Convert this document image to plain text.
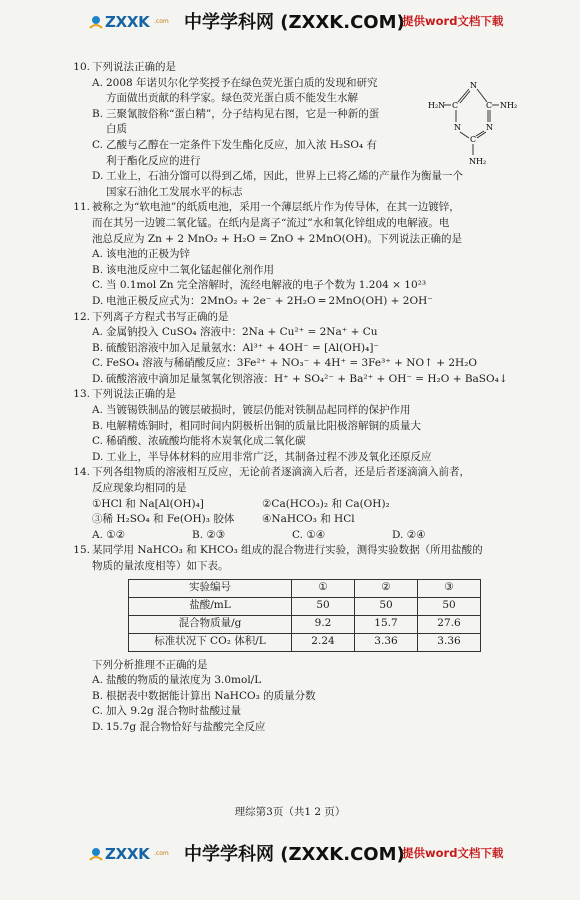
ZXXK .com 中学学科网 (ZXXK.COM)
提供word文档下载
10. 下列说法正确的是
A. 2008 年诺贝尔化学奖授予在绿色荧光蛋白质的发现和研究
方面做出贡献的科学家。绿色荧光蛋白质不能发生水解
B. 三聚氰胺俗称“蛋白精”，分子结构见右图，它是一种新的蛋
白质
C. 乙酸与乙醇在一定条件下发生酯化反应，加入浓 H₂SO₄ 有
利于酯化反应的进行
D. 工业上，石油分馏可以得到乙烯，因此，世界上已将乙烯的产量作为衡量一个
国家石油化工发展水平的标志
H₂N	NH₂
NH₂
N
C	C
N	N
C
11. 被称之为“软电池”的纸质电池，采用一个薄层纸片作为传导体，在其一边镀锌，
而在其另一边镀二氧化锰。在纸内是离子“流过”水和氧化锌组成的电解液。电
池总反应为 Zn + 2 MnO₂ + H₂O = ZnO + 2MnO(OH)。下列说法正确的是
A. 该电池的正极为锌
B. 该电池反应中二氧化锰起催化剂作用
C. 当 0.1mol Zn 完全溶解时，流经电解液的电子个数为 1.204 × 10²³
D. 电池正极反应式为：2MnO₂ + 2e⁻ + 2H₂O ═ 2MnO(OH) + 2OH⁻
12. 下列离子方程式书写正确的是
A. 金属钠投入 CuSO₄ 溶液中：2Na + Cu²⁺ = 2Na⁺ + Cu
B. 硫酸铝溶液中加入足量氨水：Al³⁺ + 4OH⁻ = [Al(OH)₄]⁻
C. FeSO₄ 溶液与稀硝酸反应：3Fe²⁺ + NO₃⁻ + 4H⁺ = 3Fe³⁺ + NO↑ + 2H₂O
D. 硫酸溶液中滴加足量氢氧化钡溶液：H⁺ + SO₄²⁻ + Ba²⁺ + OH⁻ = H₂O + BaSO₄↓
13. 下列说法正确的是
A. 当镀锡铁制品的镀层破损时，镀层仍能对铁制品起同样的保护作用
B. 电解精炼铜时，相同时间内阴极析出铜的质量比阳极溶解铜的质量大
C. 稀硝酸、浓硫酸均能将木炭氧化成二氧化碳
D. 工业上，半导体材料的应用非常广泛，其制备过程不涉及氧化还原反应
14. 下列各组物质的溶液相互反应，无论前者逐滴滴入后者，还是后者逐滴滴入前者，
反应现象均相同的是
①HCl 和 Na[Al(OH)₄]	②Ca(HCO₃)₂ 和 Ca(OH)₂
③稀 H₂SO₄ 和 Fe(OH)₃ 胶体	④NaHCO₃ 和 HCl
A. ①②	B. ②③	C. ①④	D. ②④
15. 某同学用 NaHCO₃ 和 KHCO₃ 组成的混合物进行实验，测得实验数据（所用盐酸的
物质的量浓度相等）如下表。
实验编号	①	②	③
盐酸/mL	50	50	50
混合物质量/g	9.2	15.7	27.6
标准状况下 CO₂ 体积/L	2.24	3.36	3.36
下列分析推理不正确的是
A. 盐酸的物质的量浓度为 3.0mol/L
B. 根据表中数据能计算出 NaHCO₃ 的质量分数
C. 加入 9.2g 混合物时盐酸过量
D. 15.7g 混合物恰好与盐酸完全反应
理综第3页（共1 2 页）
ZXXK .com 中学学科网 (ZXXK.COM)
提供word文档下载
